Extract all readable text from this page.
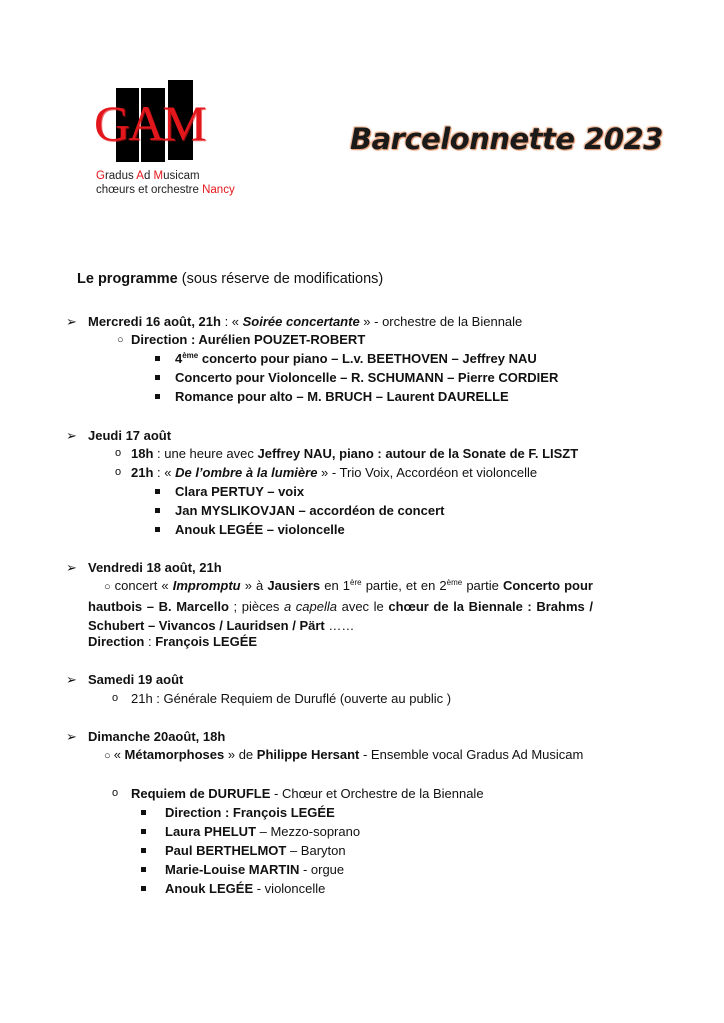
GAM
Gradus Ad Musicam
chœurs et orchestre Nancy
Barcelonnette 2023
Le programme (sous réserve de modifications)
➢ Mercredi 16 août, 21h : « Soirée concertante » - orchestre de la Biennale
○ Direction : Aurélien POUZET-ROBERT
4ème concerto pour piano – L.v. BEETHOVEN – Jeffrey NAU
Concerto pour Violoncelle – R. SCHUMANN – Pierre CORDIER
Romance pour alto – M. BRUCH – Laurent DAURELLE
➢ Jeudi 17 août
o 18h : une heure avec Jeffrey NAU, piano : autour de la Sonate de F. LISZT
o 21h : « De l’ombre à la lumière » - Trio Voix, Accordéon et violoncelle
Clara PERTUY – voix
Jan MYSLIKOVJAN – accordéon de concert
Anouk LEGÉE – violoncelle
➢ Vendredi 18 août, 21h
○ concert « Impromptu » à Jausiers en 1ère partie, et en 2ème partie Concerto pour hautbois – B. Marcello ; pièces a capella avec le chœur de la Biennale : Brahms / Schubert – Vivancos / Lauridsen / Pärt ……
Direction : François LEGÉE
➢ Samedi 19 août
o 21h : Générale Requiem de Duruflé (ouverte au public )
➢ Dimanche 20août, 18h
○ « Métamorphoses » de Philippe Hersant - Ensemble vocal Gradus Ad Musicam
o Requiem de DURUFLE - Chœur et Orchestre de la Biennale
Direction : François LEGÉE
Laura PHELUT – Mezzo-soprano
Paul BERTHELMOT – Baryton
Marie-Louise MARTIN - orgue
Anouk LEGÉE - violoncelle
